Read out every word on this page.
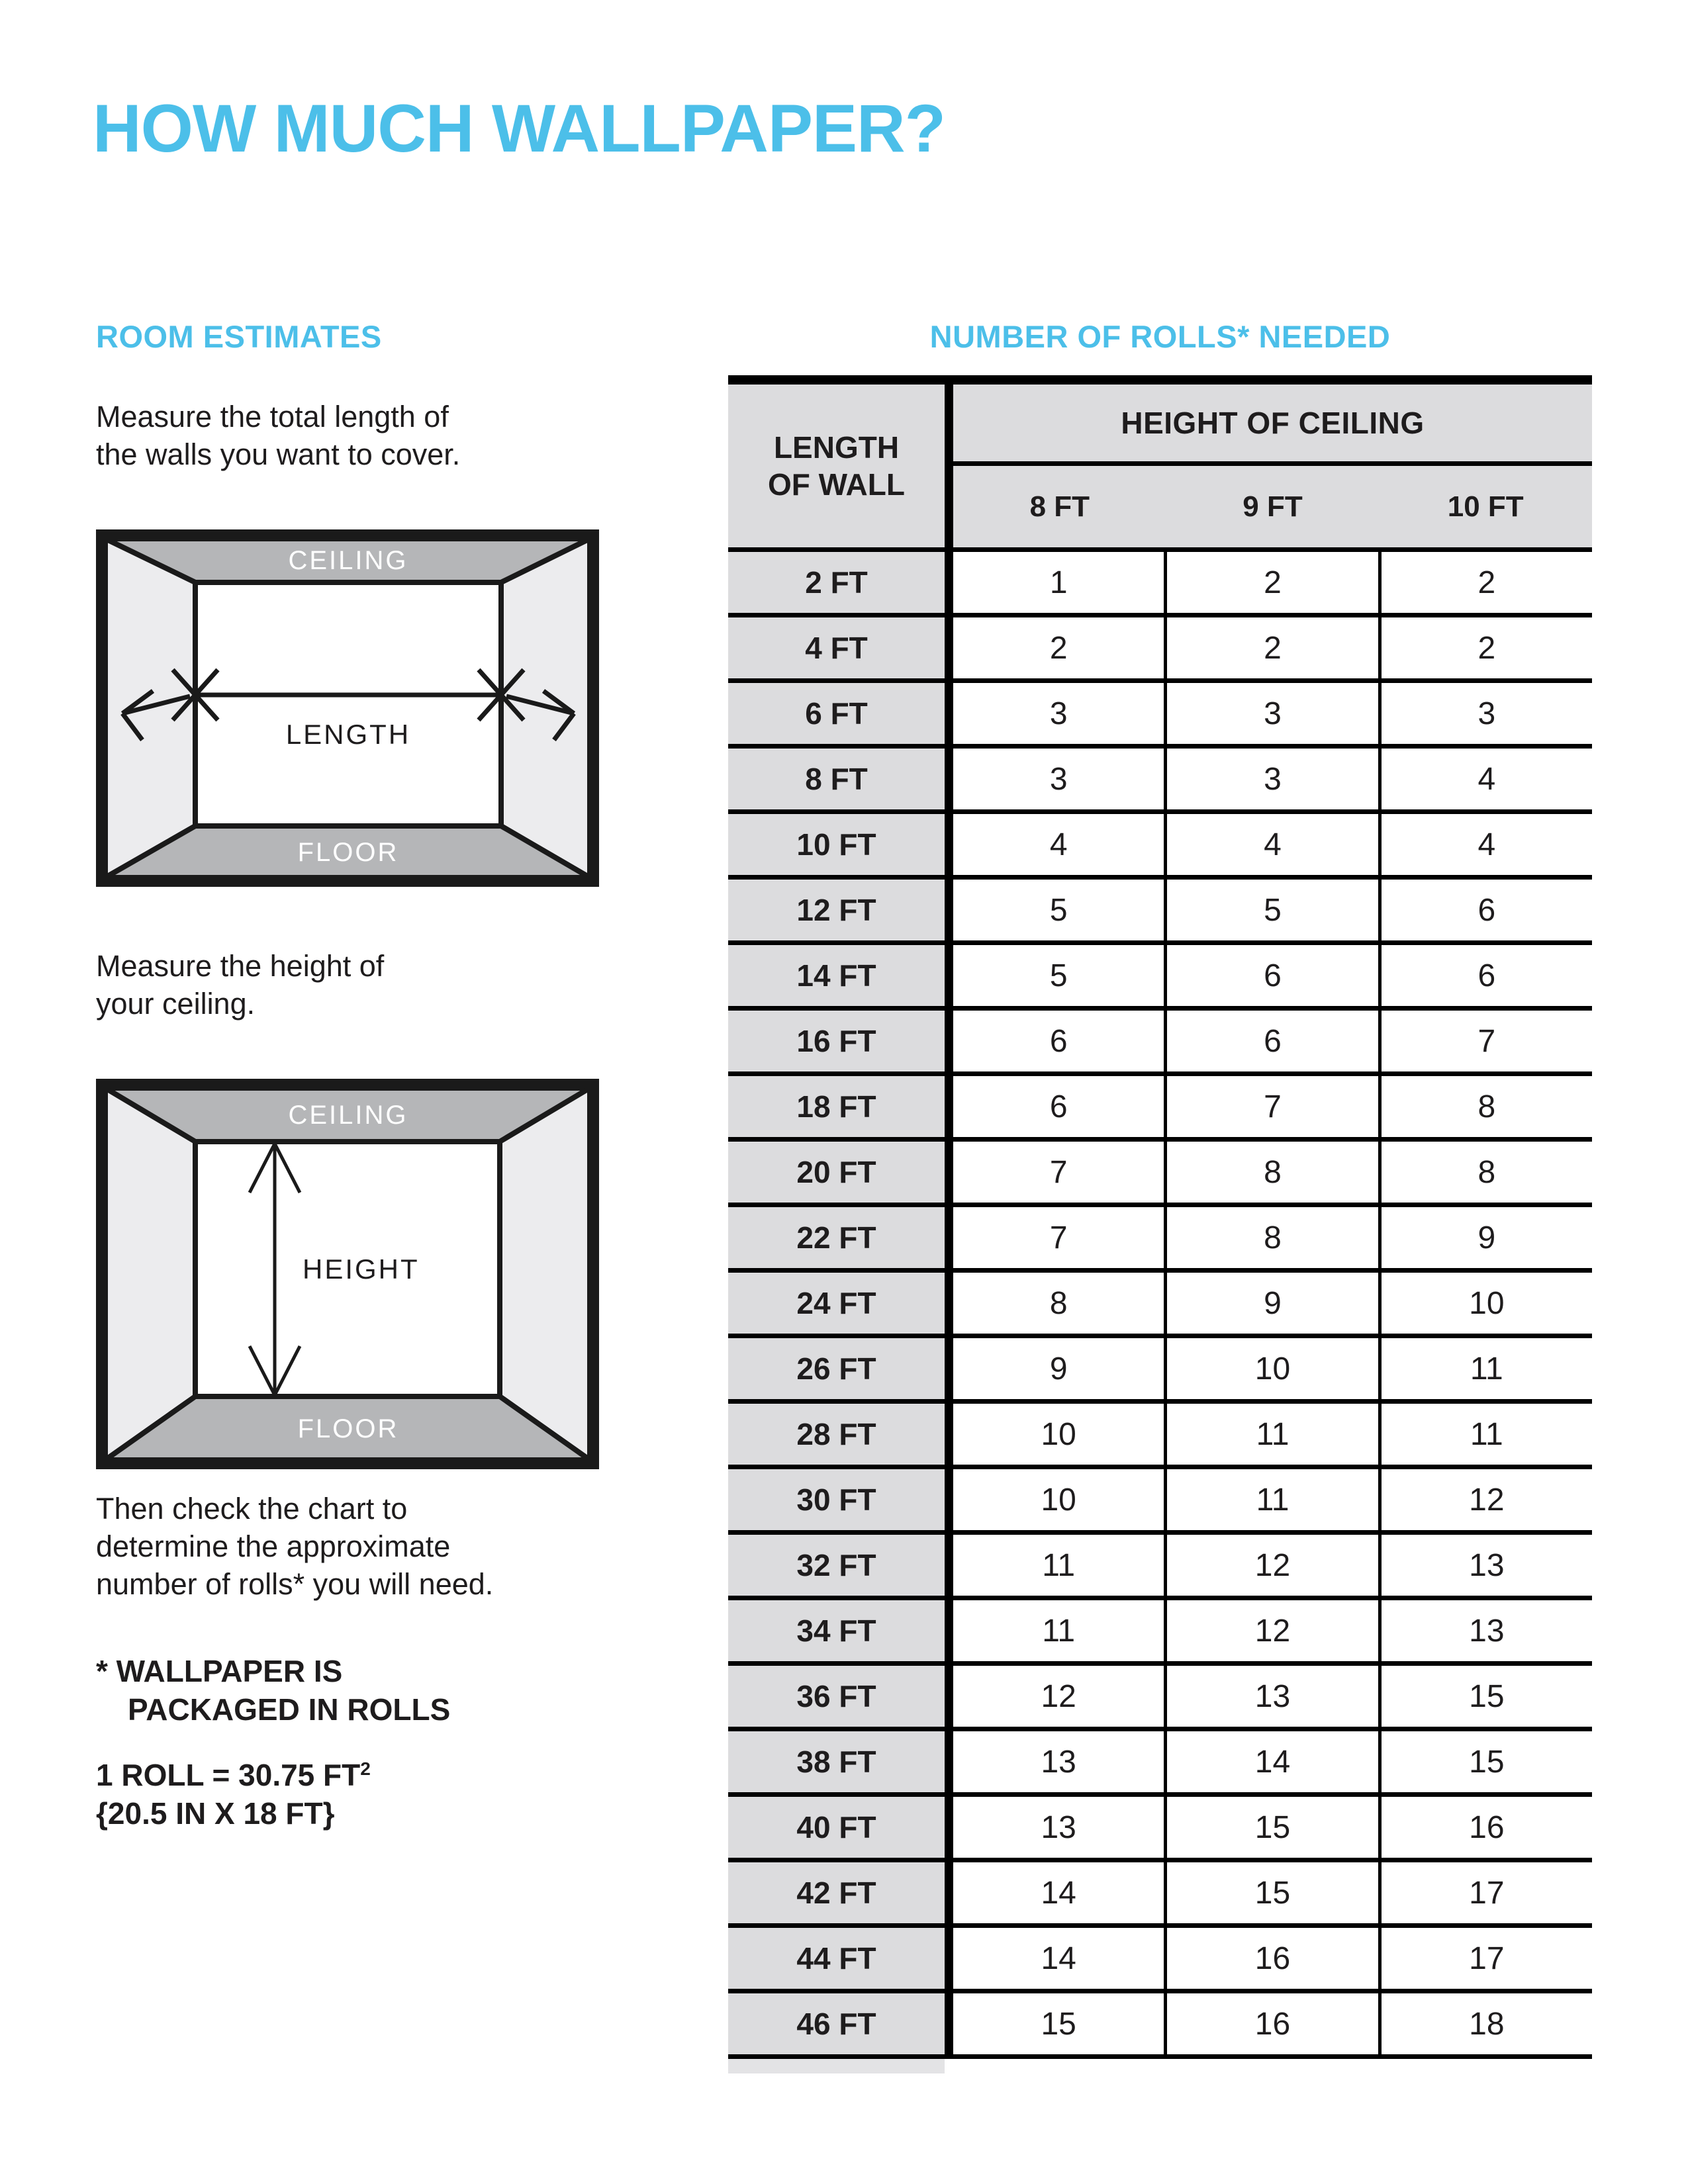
HOW MUCH WALLPAPER?
ROOM ESTIMATES
Measure the total length of
the walls you want to cover.
CEILING
FLOOR
LENGTH
Measure the height of
your ceiling.
CEILING
FLOOR
HEIGHT
Then check the chart to
determine the approximate
number of rolls* you will need.
* WALLPAPER IS
PACKAGED IN ROLLS
1 ROLL = 30.75 $FT^2$
{20.5 IN X 18 FT}
NUMBER OF ROLLS* NEEDED
LENGTH
OF WALL
HEIGHT OF CEILING
8 FT	9 FT	10 FT
2 FT	1	2	2
4 FT	2	2	2
6 FT	3	3	3
8 FT	3	3	4
10 FT	4	4	4
12 FT	5	5	6
14 FT	5	6	6
16 FT	6	6	7
18 FT	6	7	8
20 FT	7	8	8
22 FT	7	8	9
24 FT	8	9	10
26 FT	9	10	11
28 FT	10	11	11
30 FT	10	11	12
32 FT	11	12	13
34 FT	11	12	13
36 FT	12	13	15
38 FT	13	14	15
40 FT	13	15	16
42 FT	14	15	17
44 FT	14	16	17
46 FT	15	16	18
